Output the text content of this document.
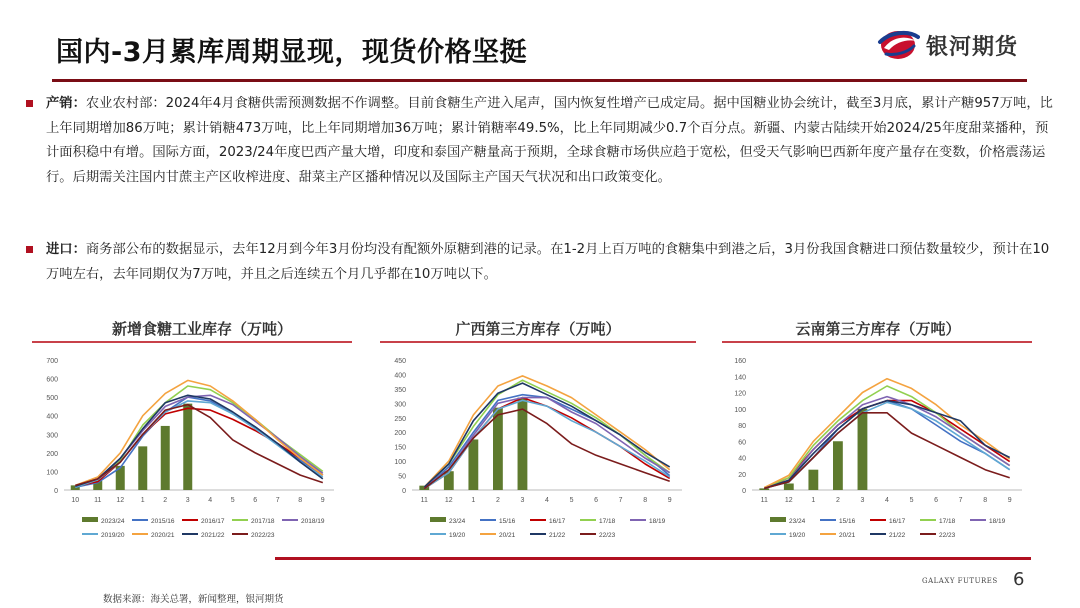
国内-3月累库周期显现，现货价格坚挺	银河期货
产销：农业农村部：2024年4月食糖供需预测数据不作调整。目前食糖生产进入尾声，国内恢复性增产已成定局。据中国糖业协会统计，截至3月底，累计产糖957万吨，比上年同期增加86万吨；累计销糖473万吨，比上年同期增加36万吨；累计销糖率49.5%，比上年同期减少0.7个百分点。新疆、内蒙古陆续开始2024/25年度甜菜播种，预计面积稳中有增。国际方面，2023/24年度巴西产量大增，印度和泰国产糖量高于预期，全球食糖市场供应趋于宽松，但受天气影响巴西新年度产量存在变数，价格震荡运行。后期需关注国内甘蔗主产区收榨进度、甜菜主产区播种情况以及国际主产国天气状况和出口政策变化。
进口：商务部公布的数据显示，去年12月到今年3月份均没有配额外原糖到港的记录。在1-2月上百万吨的食糖集中到港之后，3月份我国食糖进口预估数量较少，预计在10万吨左右，去年同期仅为7万吨，并且之后连续五个月几乎都在10万吨以下。
新增食糖工业库存（万吨）
0
100
200
300
400
500
600
700
10 11 12 1	2	3	4	5	6	7	8	9
2023/24	2015/16	2016/17	2017/18	2018/19
2019/20	2020/21	2021/22	2022/23
广西第三方库存（万吨）
0
50
100
150
200
250
300
350
400
450
11 12	1	2	3	4	5	6	7	8	9
23/24	15/16	16/17	17/18	18/19
19/20	20/21	21/22	22/23
云南第三方库存（万吨）
0
20
40
60
80
100
120
140
160
11 12	1	2	3	4	5	6	7	8	9
23/24	15/16	16/17	17/18	18/19
19/20	20/21	21/22	22/23
GALAXY FUTURES 6
数据来源：海关总署，新闻整理，银河期货
